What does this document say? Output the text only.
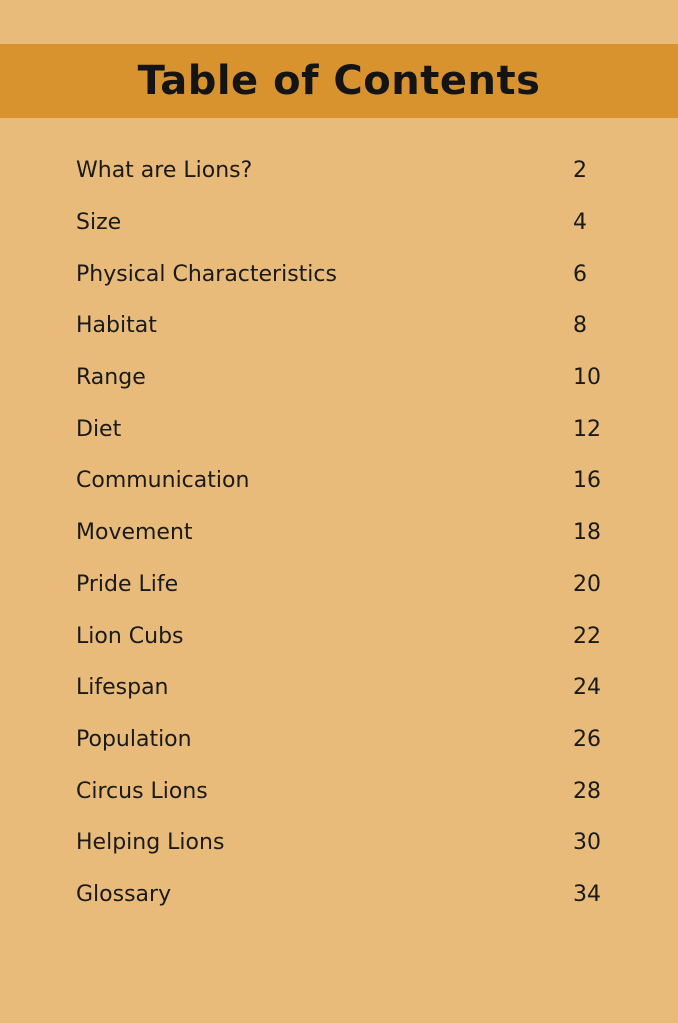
Table of Contents
What are Lions?	2
Size	4
Physical Characteristics	6
Habitat	8
Range	10
Diet	12
Communication	16
Movement	18
Pride Life	20
Lion Cubs	22
Lifespan	24
Population	26
Circus Lions	28
Helping Lions	30
Glossary	34
